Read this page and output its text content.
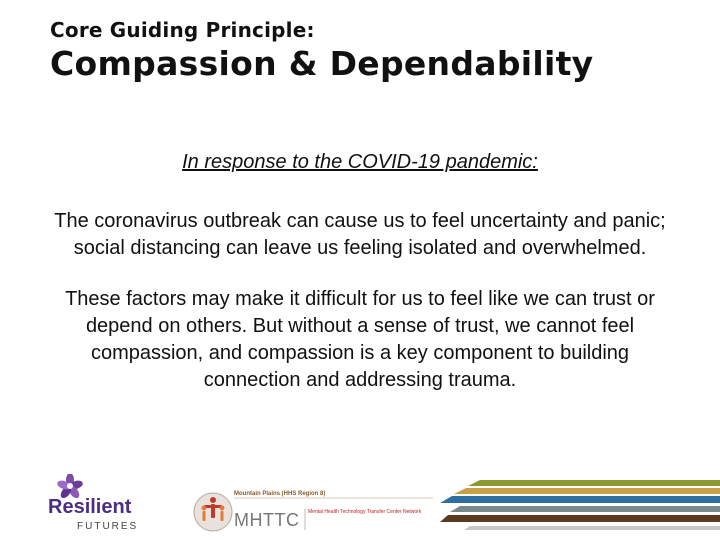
Core Guiding Principle:
Compassion & Dependability
In response to the COVID-19 pandemic:
The coronavirus outbreak can cause us to feel uncertainty and panic;
social distancing can leave us feeling isolated and overwhelmed.
These factors may make it difficult for us to feel like we can trust or
depend on others. But without a sense of trust, we cannot feel
compassion, and compassion is a key component to building
connection and addressing trauma.
Resilient
FUTURES
Mountain Plains (HHS Region 8)
MHTTC Mental Health Technology Transfer Center Network
